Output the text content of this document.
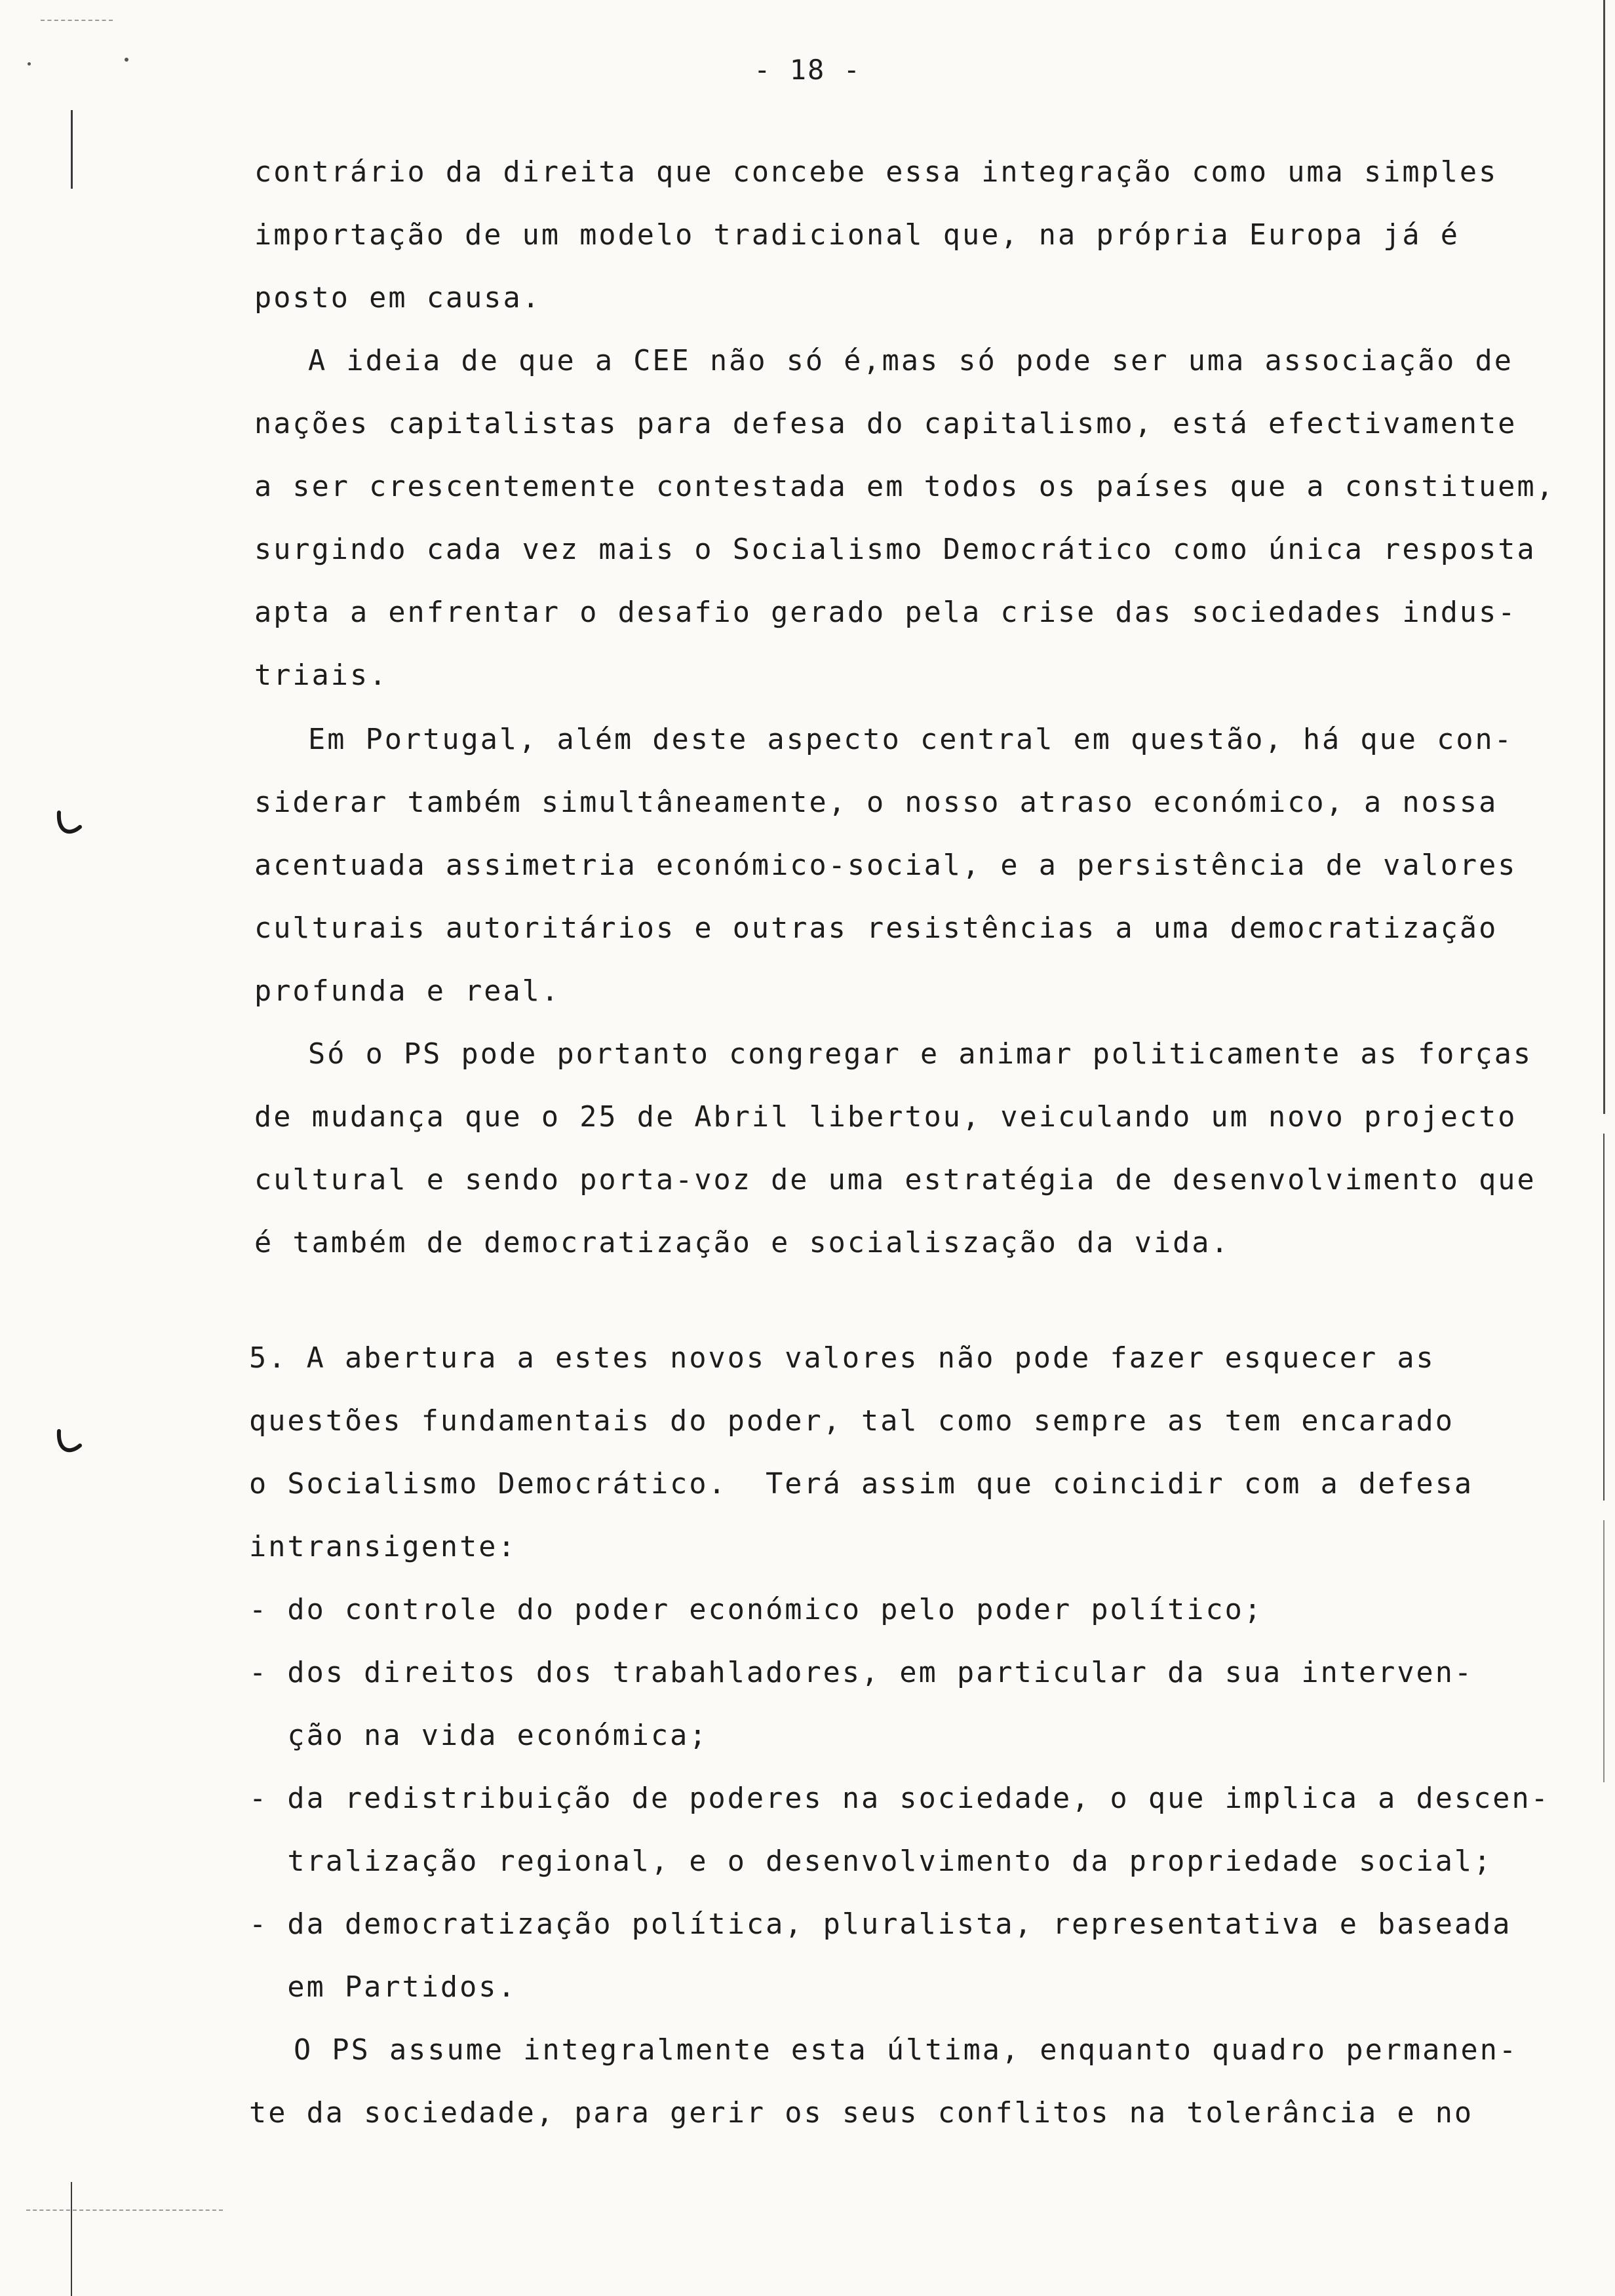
- 18 -
contrário da direita que concebe essa integração como uma simples
importação de um modelo tradicional que, na própria Europa já é
posto em causa.
A ideia de que a CEE não só é,mas só pode ser uma associação de
nações capitalistas para defesa do capitalismo, está efectivamente
a ser crescentemente contestada em todos os países que a constituem,
surgindo cada vez mais o Socialismo Democrático como única resposta
apta a enfrentar o desafio gerado pela crise das sociedades indus-
triais.
Em Portugal, além deste aspecto central em questão, há que con-
siderar também simultâneamente, o nosso atraso económico, a nossa
acentuada assimetria económico-social, e a persistência de valores
culturais autoritários e outras resistências a uma democratização
profunda e real.
Só o PS pode portanto congregar e animar politicamente as forças
de mudança que o 25 de Abril libertou, veiculando um novo projecto
cultural e sendo porta-voz de uma estratégia de desenvolvimento que
é também de democratização e socialiszação da vida.
5. A abertura a estes novos valores não pode fazer esquecer as
questões fundamentais do poder, tal como sempre as tem encarado
o Socialismo Democrático.  Terá assim que coincidir com a defesa
intransigente:
- do controle do poder económico pelo poder político;
- dos direitos dos trabahladores, em particular da sua interven-
ção na vida económica;
- da redistribuição de poderes na sociedade, o que implica a descen-
tralização regional, e o desenvolvimento da propriedade social;
- da democratização política, pluralista, representativa e baseada
em Partidos.
O PS assume integralmente esta última, enquanto quadro permanen-
te da sociedade, para gerir os seus conflitos na tolerância e no
